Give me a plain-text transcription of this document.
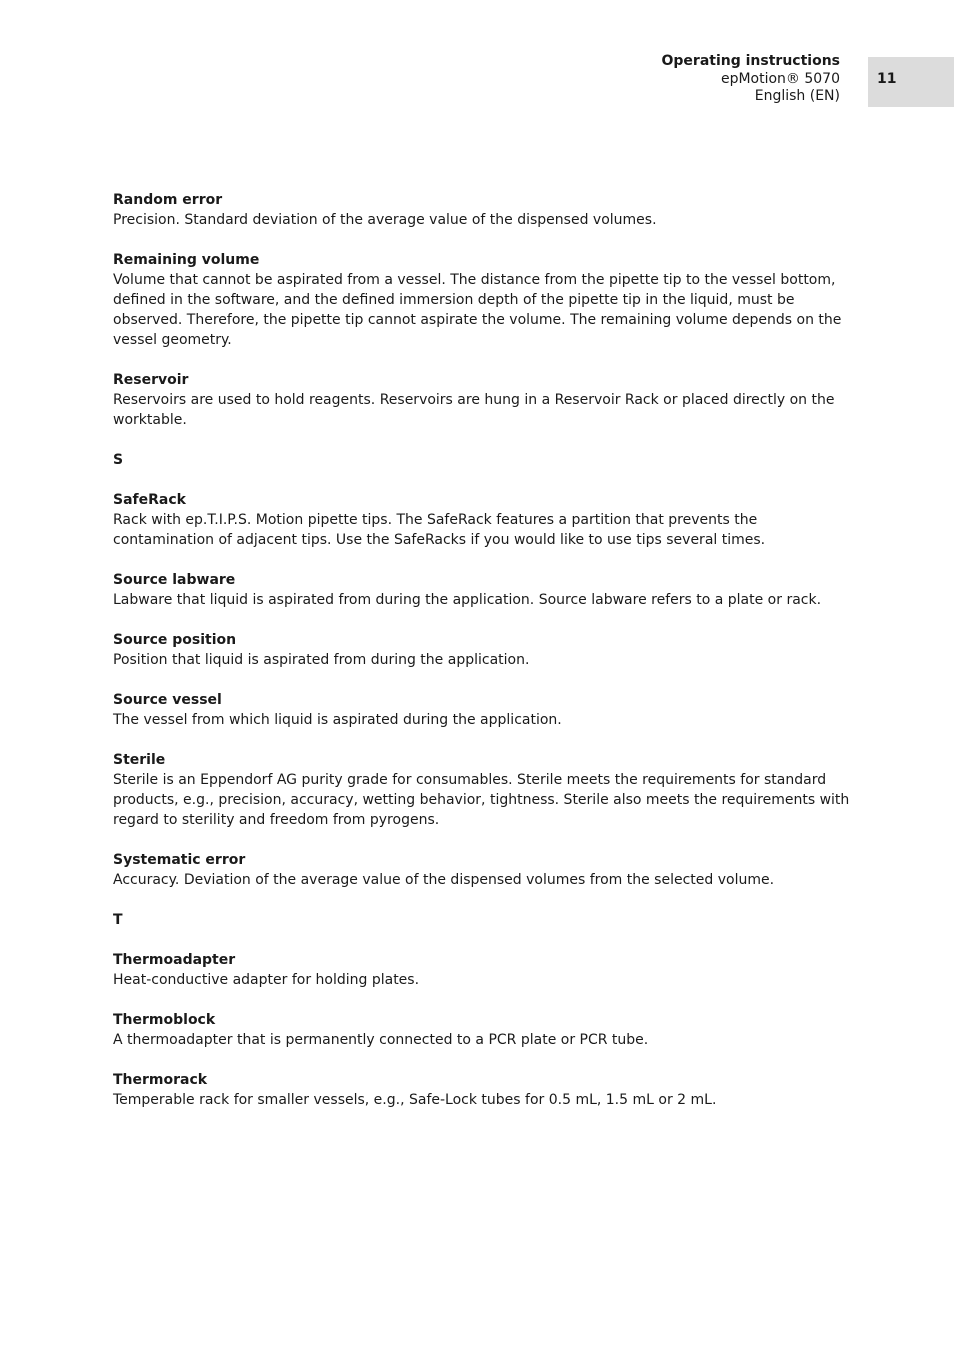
Operating instructions
epMotion® 5070
English (EN)
11
Random error
Precision. Standard deviation of the average value of the dispensed volumes.
Remaining volume
Volume that cannot be aspirated from a vessel. The distance from the pipette tip to the vessel bottom, defined in the software, and the defined immersion depth of the pipette tip in the liquid, must be observed. Therefore, the pipette tip cannot aspirate the volume. The remaining volume depends on the vessel geometry.
Reservoir
Reservoirs are used to hold reagents. Reservoirs are hung in a Reservoir Rack or placed directly on the worktable.
S
SafeRack
Rack with ep.T.I.P.S. Motion pipette tips. The SafeRack features a partition that prevents the contamination of adjacent tips. Use the SafeRacks if you would like to use tips several times.
Source labware
Labware that liquid is aspirated from during the application. Source labware refers to a plate or rack.
Source position
Position that liquid is aspirated from during the application.
Source vessel
The vessel from which liquid is aspirated during the application.
Sterile
Sterile is an Eppendorf AG purity grade for consumables. Sterile meets the requirements for standard products, e.g., precision, accuracy, wetting behavior, tightness. Sterile also meets the requirements with regard to sterility and freedom from pyrogens.
Systematic error
Accuracy. Deviation of the average value of the dispensed volumes from the selected volume.
T
Thermoadapter
Heat-conductive adapter for holding plates.
Thermoblock
A thermoadapter that is permanently connected to a PCR plate or PCR tube.
Thermorack
Temperable rack for smaller vessels, e.g., Safe-Lock tubes for 0.5 mL, 1.5 mL or 2 mL.
